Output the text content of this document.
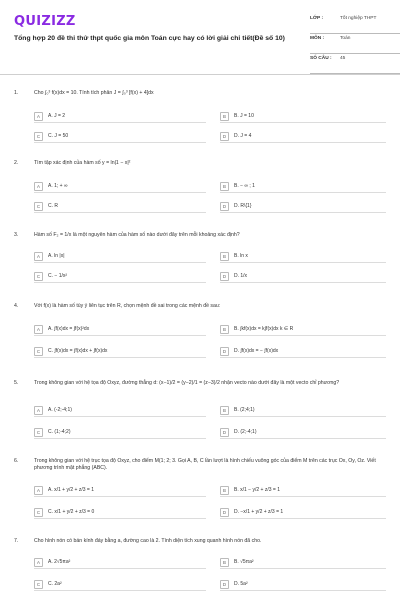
QUIZIZZ
Tổng hợp 20 đề thi thử thpt quốc gia môn Toán cực hay có lời giải chi tiết(Đề số 10)
LỚP :	Tốt nghiệp THPT
MÔN :	Toán
SỐ CÂU :	45
1.	Cho ∫₀³ f(x)dx = 10. Tính tích phân J = ∫₀³ [f(x) + 4]dx
A	A. J = 2	B	B. J = 10
C	C. J = 50	D	D. J = 4
2.	Tìm tập xác định của hàm số y = ln|1 − x|²
A	A. 1; + ∞	B	B. − ∞ ; 1
C	C. R	D	D. R\{1}
3.	Hàm số F₂ = 1/x là một nguyên hàm của hàm số nào dưới đây trên mỗi khoảng xác định?
A	A. ln |x|	B	B. ln x
C	C. − 1/x²	D	D. 1/x
4.	Với f(x) là hàm số tùy ý liên tục trên R, chọn mệnh đề sai trong các mệnh đề sau:
A	A. ∫f(x)dx = ∫f(x)²dx	B	B. ∫kf(x)dx = k∫f(x)dx k ∈ R
C	C. ∫f(x)dx = ∫f(x)dx + ∫f(x)dx	D	D. ∫f(x)dx = − ∫f(x)dx
5.	Trong không gian với hệ tọa độ Oxyz, đường thẳng d: (x−1)/2 = (y−2)/1 = (z−3)/2 nhận vecto nào dưới đây là một vecto chỉ phương?
A	A. (-2;-4;1)	B	B. (2;4;1)
C	C. (1;-4;2)	D	D. (2;-4;1)
6.	Trong không gian với hệ trục tọa độ Oxyz, cho điểm M(1; 2; 3. Gọi A, B, C lần lượt là hình chiếu vuông góc của điểm M trên các trục Ox, Oy, Oz. Viết phương trình mặt phẳng (ABC).
A	A. x/1 + y/2 + z/3 = 1	B	B. x/1 − y/2 + z/3 = 1
C	C. x/1 + y/2 + z/3 = 0	D	D. −x/1 + y/2 + z/3 = 1
7.	Cho hình nón có bán kính đáy bằng a, đường cao là 2. Tính diện tích xung quanh hình nón đã cho.
A	A. 2√5πa²	B	B. √5πa²
C	C. 2a²	D	D. 5a²
